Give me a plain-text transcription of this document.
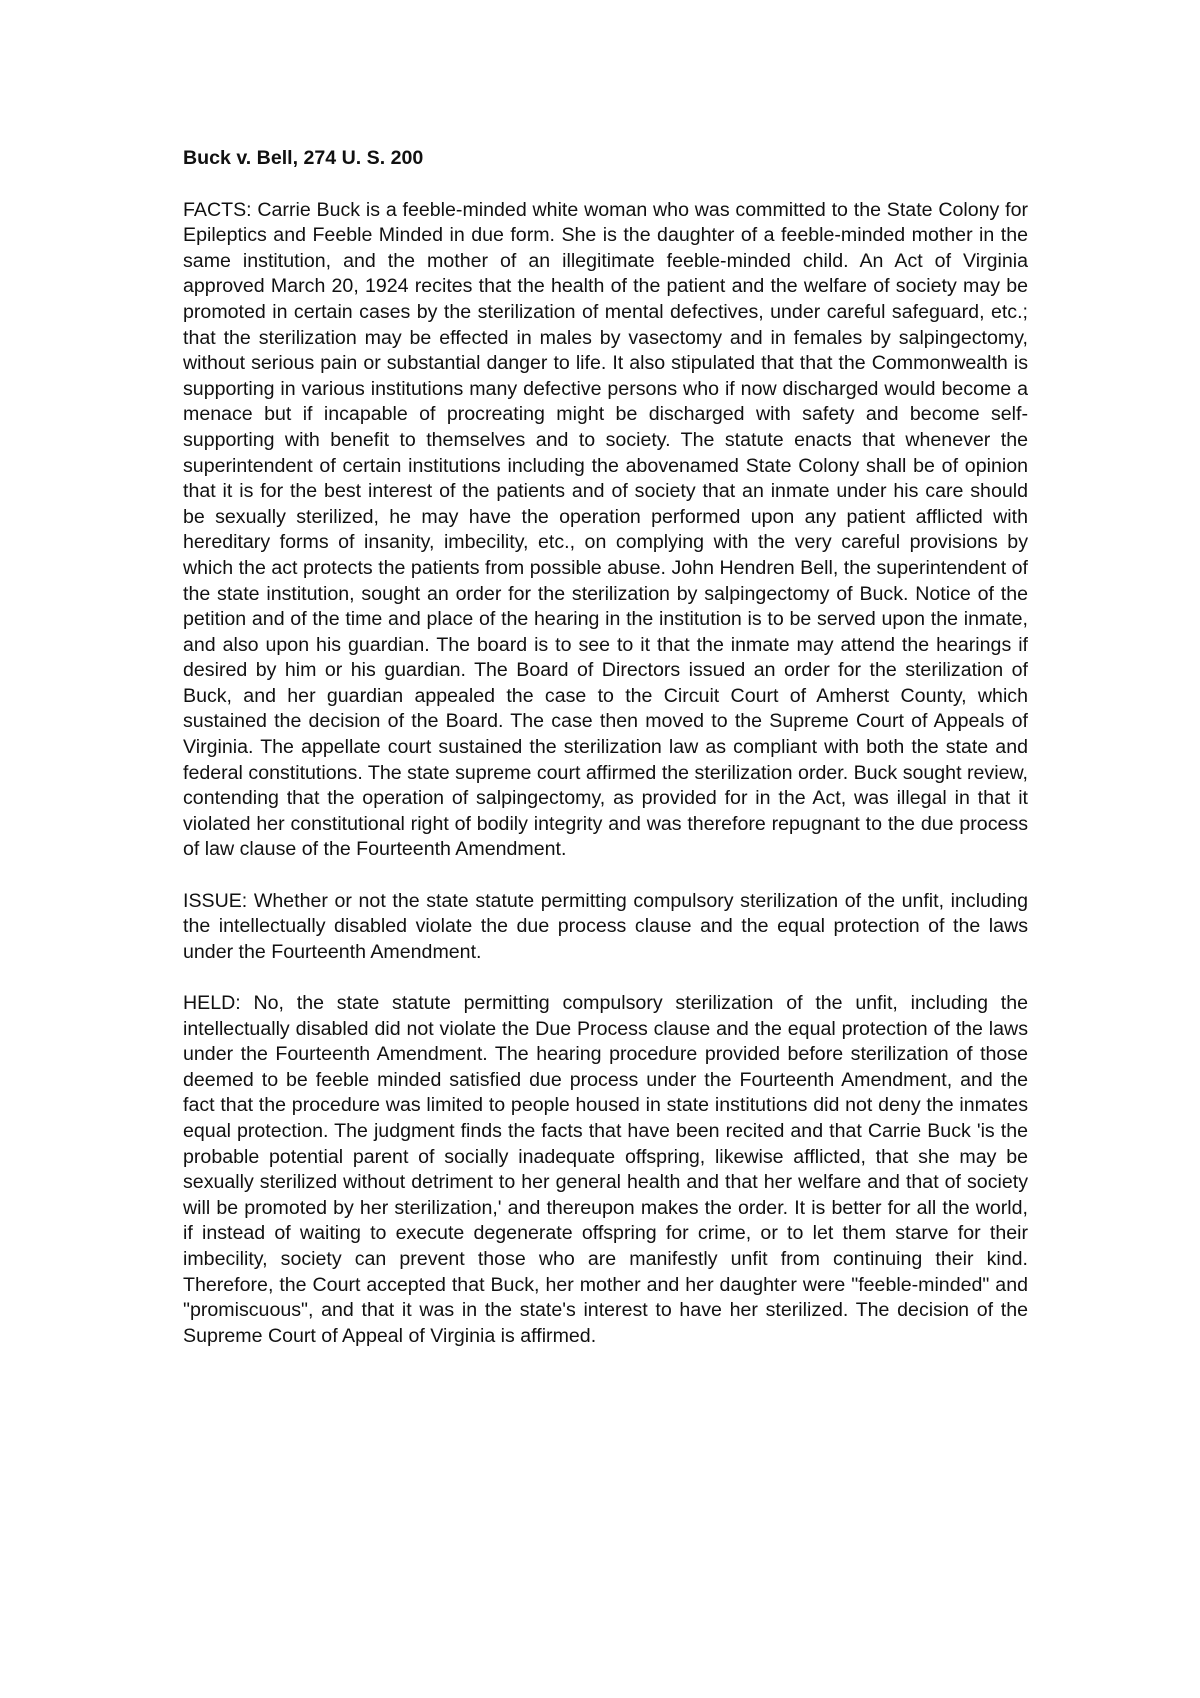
Buck v. Bell, 274 U. S. 200

FACTS: Carrie Buck is a feeble-minded white woman who was committed to the State Colony for Epileptics and Feeble Minded in due form. She is the daughter of a feeble-minded mother in the same institution, and the mother of an illegitimate feeble-minded child. An Act of Virginia approved March 20, 1924 recites that the health of the patient and the welfare of society may be promoted in certain cases by the sterilization of mental defectives, under careful safeguard, etc.; that the sterilization may be effected in males by vasectomy and in females by salpingectomy, without serious pain or substantial danger to life. It also stipulated that that the Commonwealth is supporting in various institutions many defective persons who if now discharged would become a menace but if incapable of procreating might be discharged with safety and become self-supporting with benefit to themselves and to society. The statute enacts that whenever the superintendent of certain institutions including the abovenamed State Colony shall be of opinion that it is for the best interest of the patients and of society that an inmate under his care should be sexually sterilized, he may have the operation performed upon any patient afflicted with hereditary forms of insanity, imbecility, etc., on complying with the very careful provisions by which the act protects the patients from possible abuse. John Hendren Bell, the superintendent of the state institution, sought an order for the sterilization by salpingectomy of Buck. Notice of the petition and of the time and place of the hearing in the institution is to be served upon the inmate, and also upon his guardian. The board is to see to it that the inmate may attend the hearings if desired by him or his guardian. The Board of Directors issued an order for the sterilization of Buck, and her guardian appealed the case to the Circuit Court of Amherst County, which sustained the decision of the Board. The case then moved to the Supreme Court of Appeals of Virginia. The appellate court sustained the sterilization law as compliant with both the state and federal constitutions. The state supreme court affirmed the sterilization order. Buck sought review, contending that the operation of salpingectomy, as provided for in the Act, was illegal in that it violated her constitutional right of bodily integrity and was therefore repugnant to the due process of law clause of the Fourteenth Amendment.

ISSUE: Whether or not the state statute permitting compulsory sterilization of the unfit, including the intellectually disabled violate the due process clause and the equal protection of the laws under the Fourteenth Amendment.

HELD: No, the state statute permitting compulsory sterilization of the unfit, including the intellectually disabled did not violate the Due Process clause and the equal protection of the laws under the Fourteenth Amendment. The hearing procedure provided before sterilization of those deemed to be feeble minded satisfied due process under the Fourteenth Amendment, and the fact that the procedure was limited to people housed in state institutions did not deny the inmates equal protection. The judgment finds the facts that have been recited and that Carrie Buck 'is the probable potential parent of socially inadequate offspring, likewise afflicted, that she may be sexually sterilized without detriment to her general health and that her welfare and that of society will be promoted by her sterilization,' and thereupon makes the order. It is better for all the world, if instead of waiting to execute degenerate offspring for crime, or to let them starve for their imbecility, society can prevent those who are manifestly unfit from continuing their kind. Therefore, the Court accepted that Buck, her mother and her daughter were "feeble-minded" and "promiscuous", and that it was in the state's interest to have her sterilized. The decision of the Supreme Court of Appeal of Virginia is affirmed.
